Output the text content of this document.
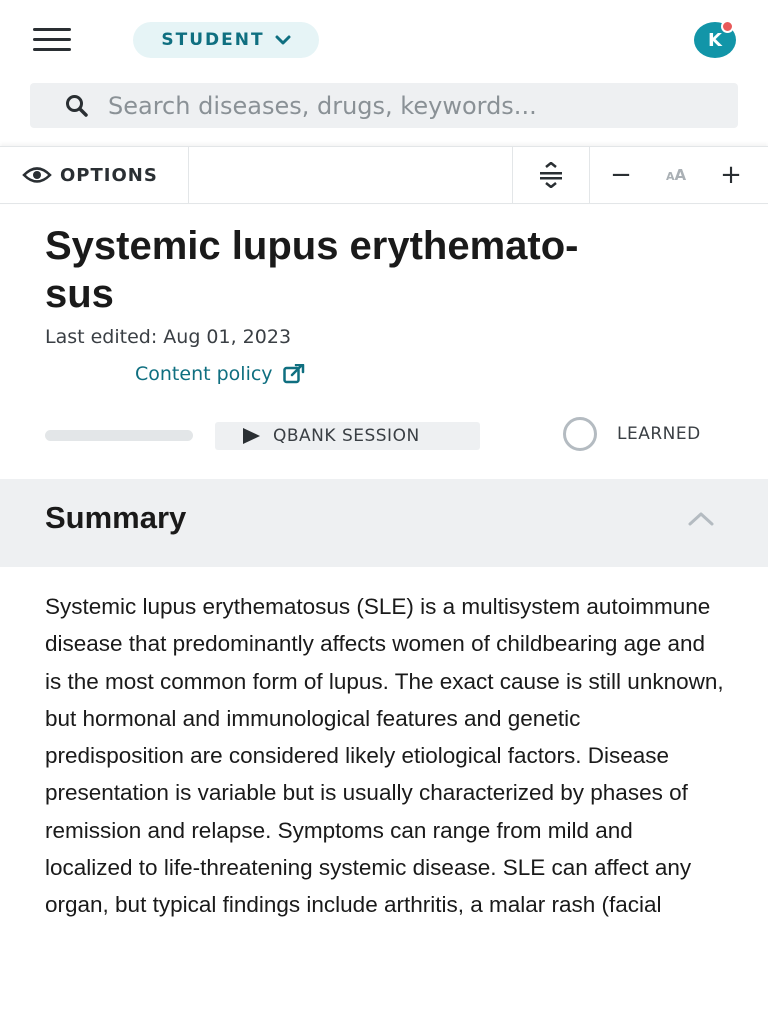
STUDENT	K
Search diseases, drugs, keywords...
OPTIONS	−	AA +
Systemic lupus erythemato-
sus
Last edited: Aug 01, 2023
Content policy
QBANK SESSION	LEARNED
Summary

Systemic lupus erythematosus (SLE) is a multisystem autoimmune disease that predominantly affects women of childbearing age and is the most common form of lupus. The exact cause is still unknown, but hormonal and immunological features and genetic predisposition are considered likely etiological factors. Disease presentation is variable but is usually characterized by phases of remission and relapse. Symptoms can range from mild and localized to life-threatening systemic disease. SLE can affect any organ, but typical findings include arthritis, a malar rash (facial
